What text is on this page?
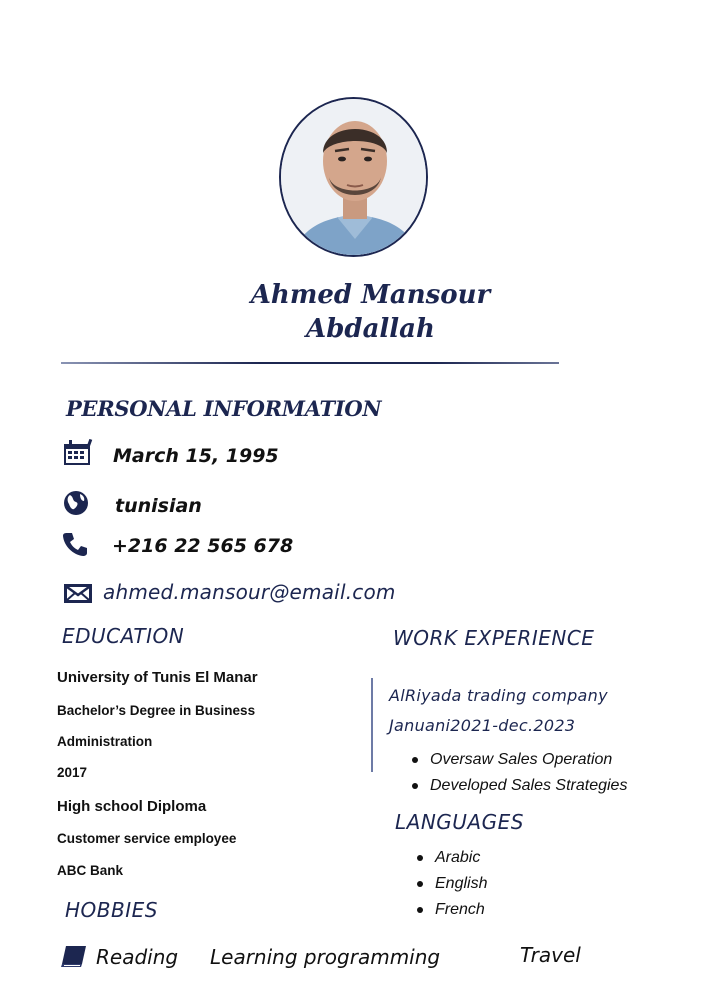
Ahmed Mansour
Abdallah
PERSONAL INFORMATION
March 15, 1995
tunisian
+216 22 565 678
ahmed.mansour@email.com
EDUCATION
University of Tunis El Manar
Bachelor’s Degree in Business
Administration
2017
High school Diploma
Customer service employee
ABC Bank
HOBBIES
Reading Learning programming	Travel
WORK EXPERIENCE
AlRiyada trading company
Januani2021-dec.2023
Oversaw Sales Operation
Developed Sales Strategies
LANGUAGES
Arabic
English
French
